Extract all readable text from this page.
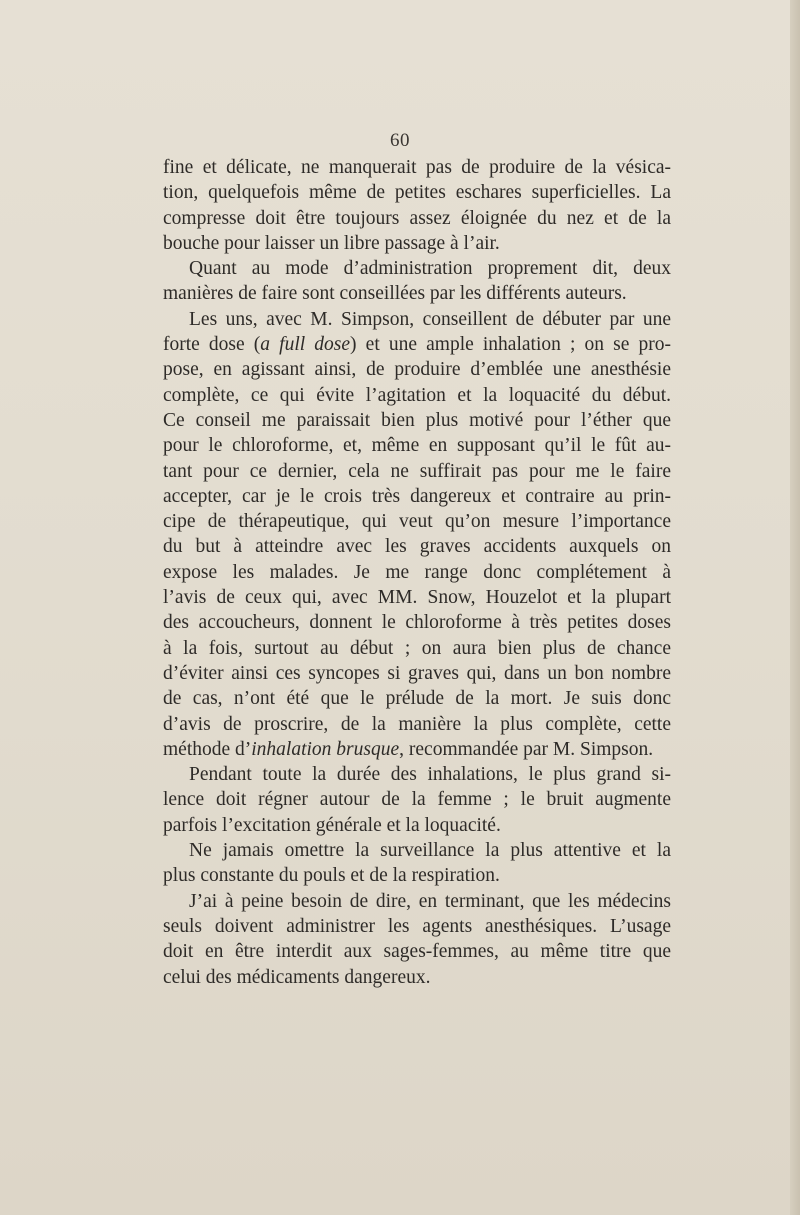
60

fine et délicate, ne manquerait pas de produire de la vésica-
tion, quelquefois même de petites eschares superficielles. La
compresse doit être toujours assez éloignée du nez et de la
bouche pour laisser un libre passage à l’air.

Quant au mode d’administration proprement dit, deux
manières de faire sont conseillées par les différents auteurs.

Les uns, avec M. Simpson, conseillent de débuter par une
forte dose (a full dose) et une ample inhalation ; on se pro-
pose, en agissant ainsi, de produire d’emblée une anesthésie
complète, ce qui évite l’agitation et la loquacité du début.
Ce conseil me paraissait bien plus motivé pour l’éther que
pour le chloroforme, et, même en supposant qu’il le fût au-
tant pour ce dernier, cela ne suffirait pas pour me le faire
accepter, car je le crois très dangereux et contraire au prin-
cipe de thérapeutique, qui veut qu’on mesure l’importance
du but à atteindre avec les graves accidents auxquels on
expose les malades. Je me range donc complétement à
l’avis de ceux qui, avec MM. Snow, Houzelot et la plupart
des accoucheurs, donnent le chloroforme à très petites doses
à la fois, surtout au début ; on aura bien plus de chance
d’éviter ainsi ces syncopes si graves qui, dans un bon nombre
de cas, n’ont été que le prélude de la mort. Je suis donc
d’avis de proscrire, de la manière la plus complète, cette
méthode d’inhalation brusque, recommandée par M. Simpson.

Pendant toute la durée des inhalations, le plus grand si-
lence doit régner autour de la femme ; le bruit augmente
parfois l’excitation générale et la loquacité.

Ne jamais omettre la surveillance la plus attentive et la
plus constante du pouls et de la respiration.

J’ai à peine besoin de dire, en terminant, que les médecins
seuls doivent administrer les agents anesthésiques. L’usage
doit en être interdit aux sages-femmes, au même titre que
celui des médicaments dangereux.
